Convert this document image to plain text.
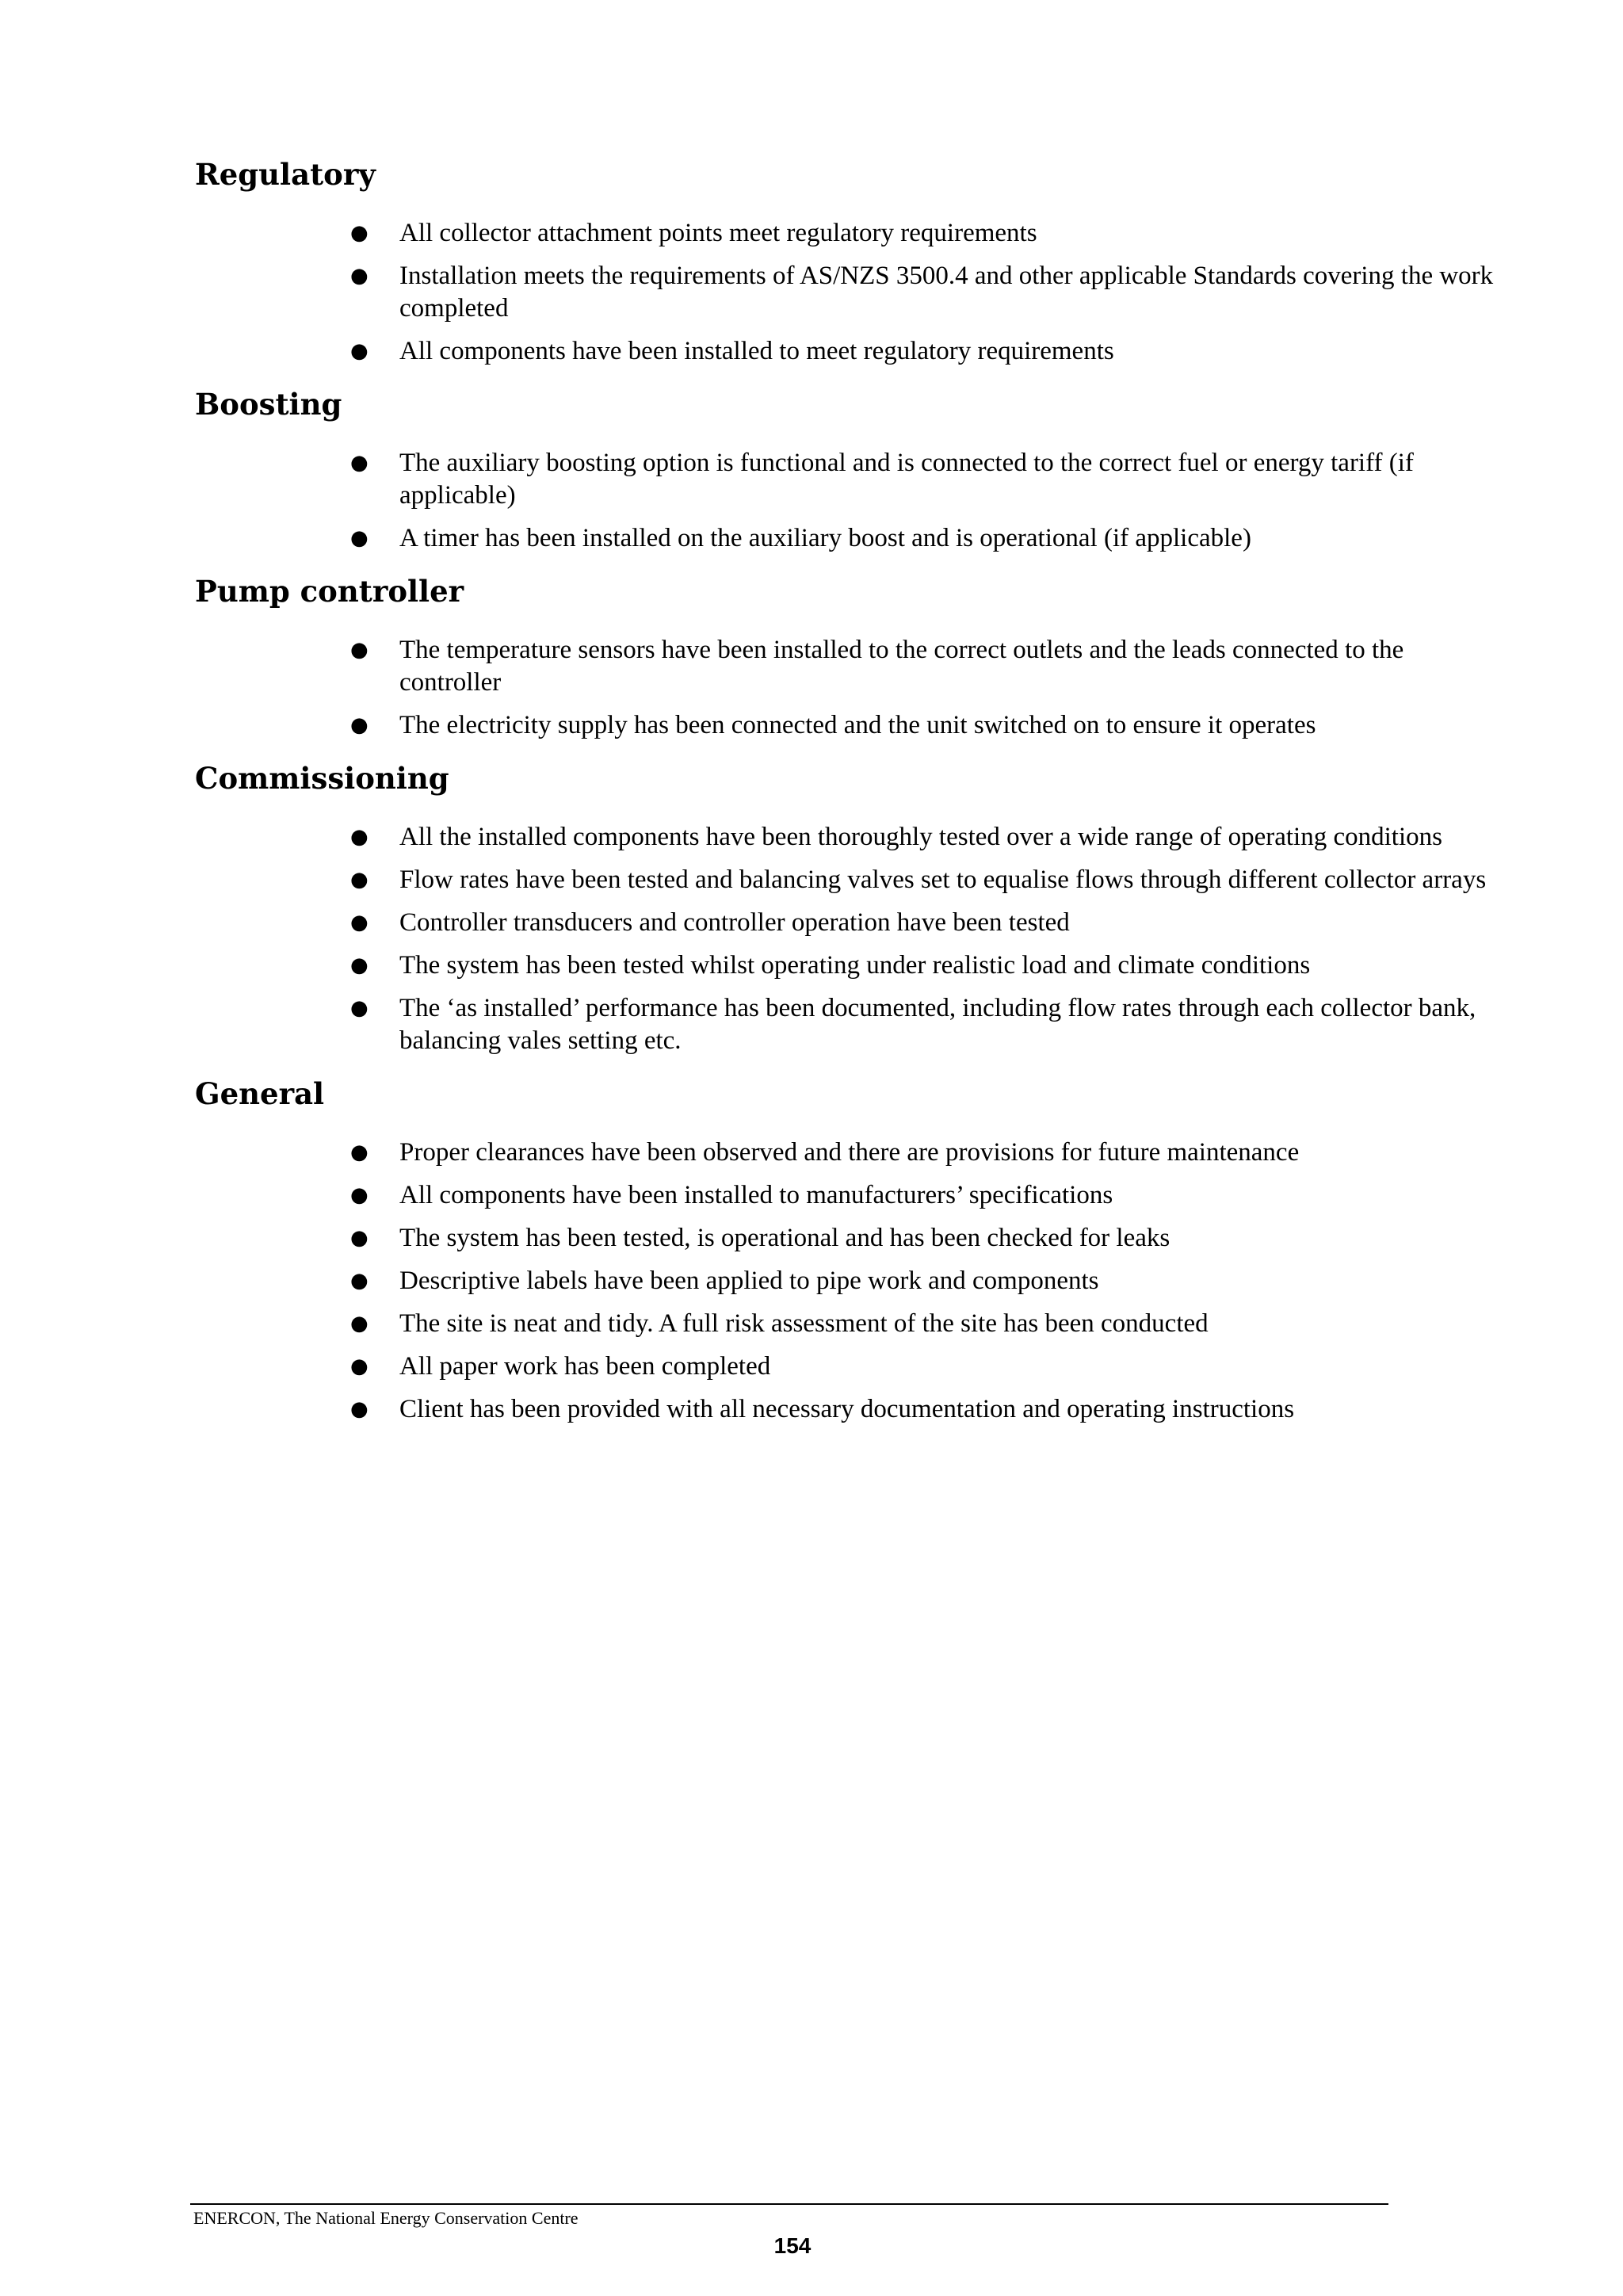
Regulatory
● All collector attachment points meet regulatory requirements
● Installation meets the requirements of AS/NZS 3500.4 and other applicable Standards covering the work completed
● All components have been installed to meet regulatory requirements
Boosting
● The auxiliary boosting option is functional and is connected to the correct fuel or energy tariff (if applicable)
● A timer has been installed on the auxiliary boost and is operational (if applicable)
Pump controller
● The temperature sensors have been installed to the correct outlets and the leads connected to the controller
● The electricity supply has been connected and the unit switched on to ensure it operates
Commissioning
● All the installed components have been thoroughly tested over a wide range of operating conditions
● Flow rates have been tested and balancing valves set to equalise flows through different collector arrays
● Controller transducers and controller operation have been tested
● The system has been tested whilst operating under realistic load and climate conditions
● The ‘as installed’ performance has been documented, including flow rates through each collector bank, balancing vales setting etc.
General
● Proper clearances have been observed and there are provisions for future maintenance
● All components have been installed to manufacturers’ specifications
● The system has been tested, is operational and has been checked for leaks
● Descriptive labels have been applied to pipe work and components
● The site is neat and tidy. A full risk assessment of the site has been conducted
● All paper work has been completed
● Client has been provided with all necessary documentation and operating instructions
ENERCON, The National Energy Conservation Centre
154
